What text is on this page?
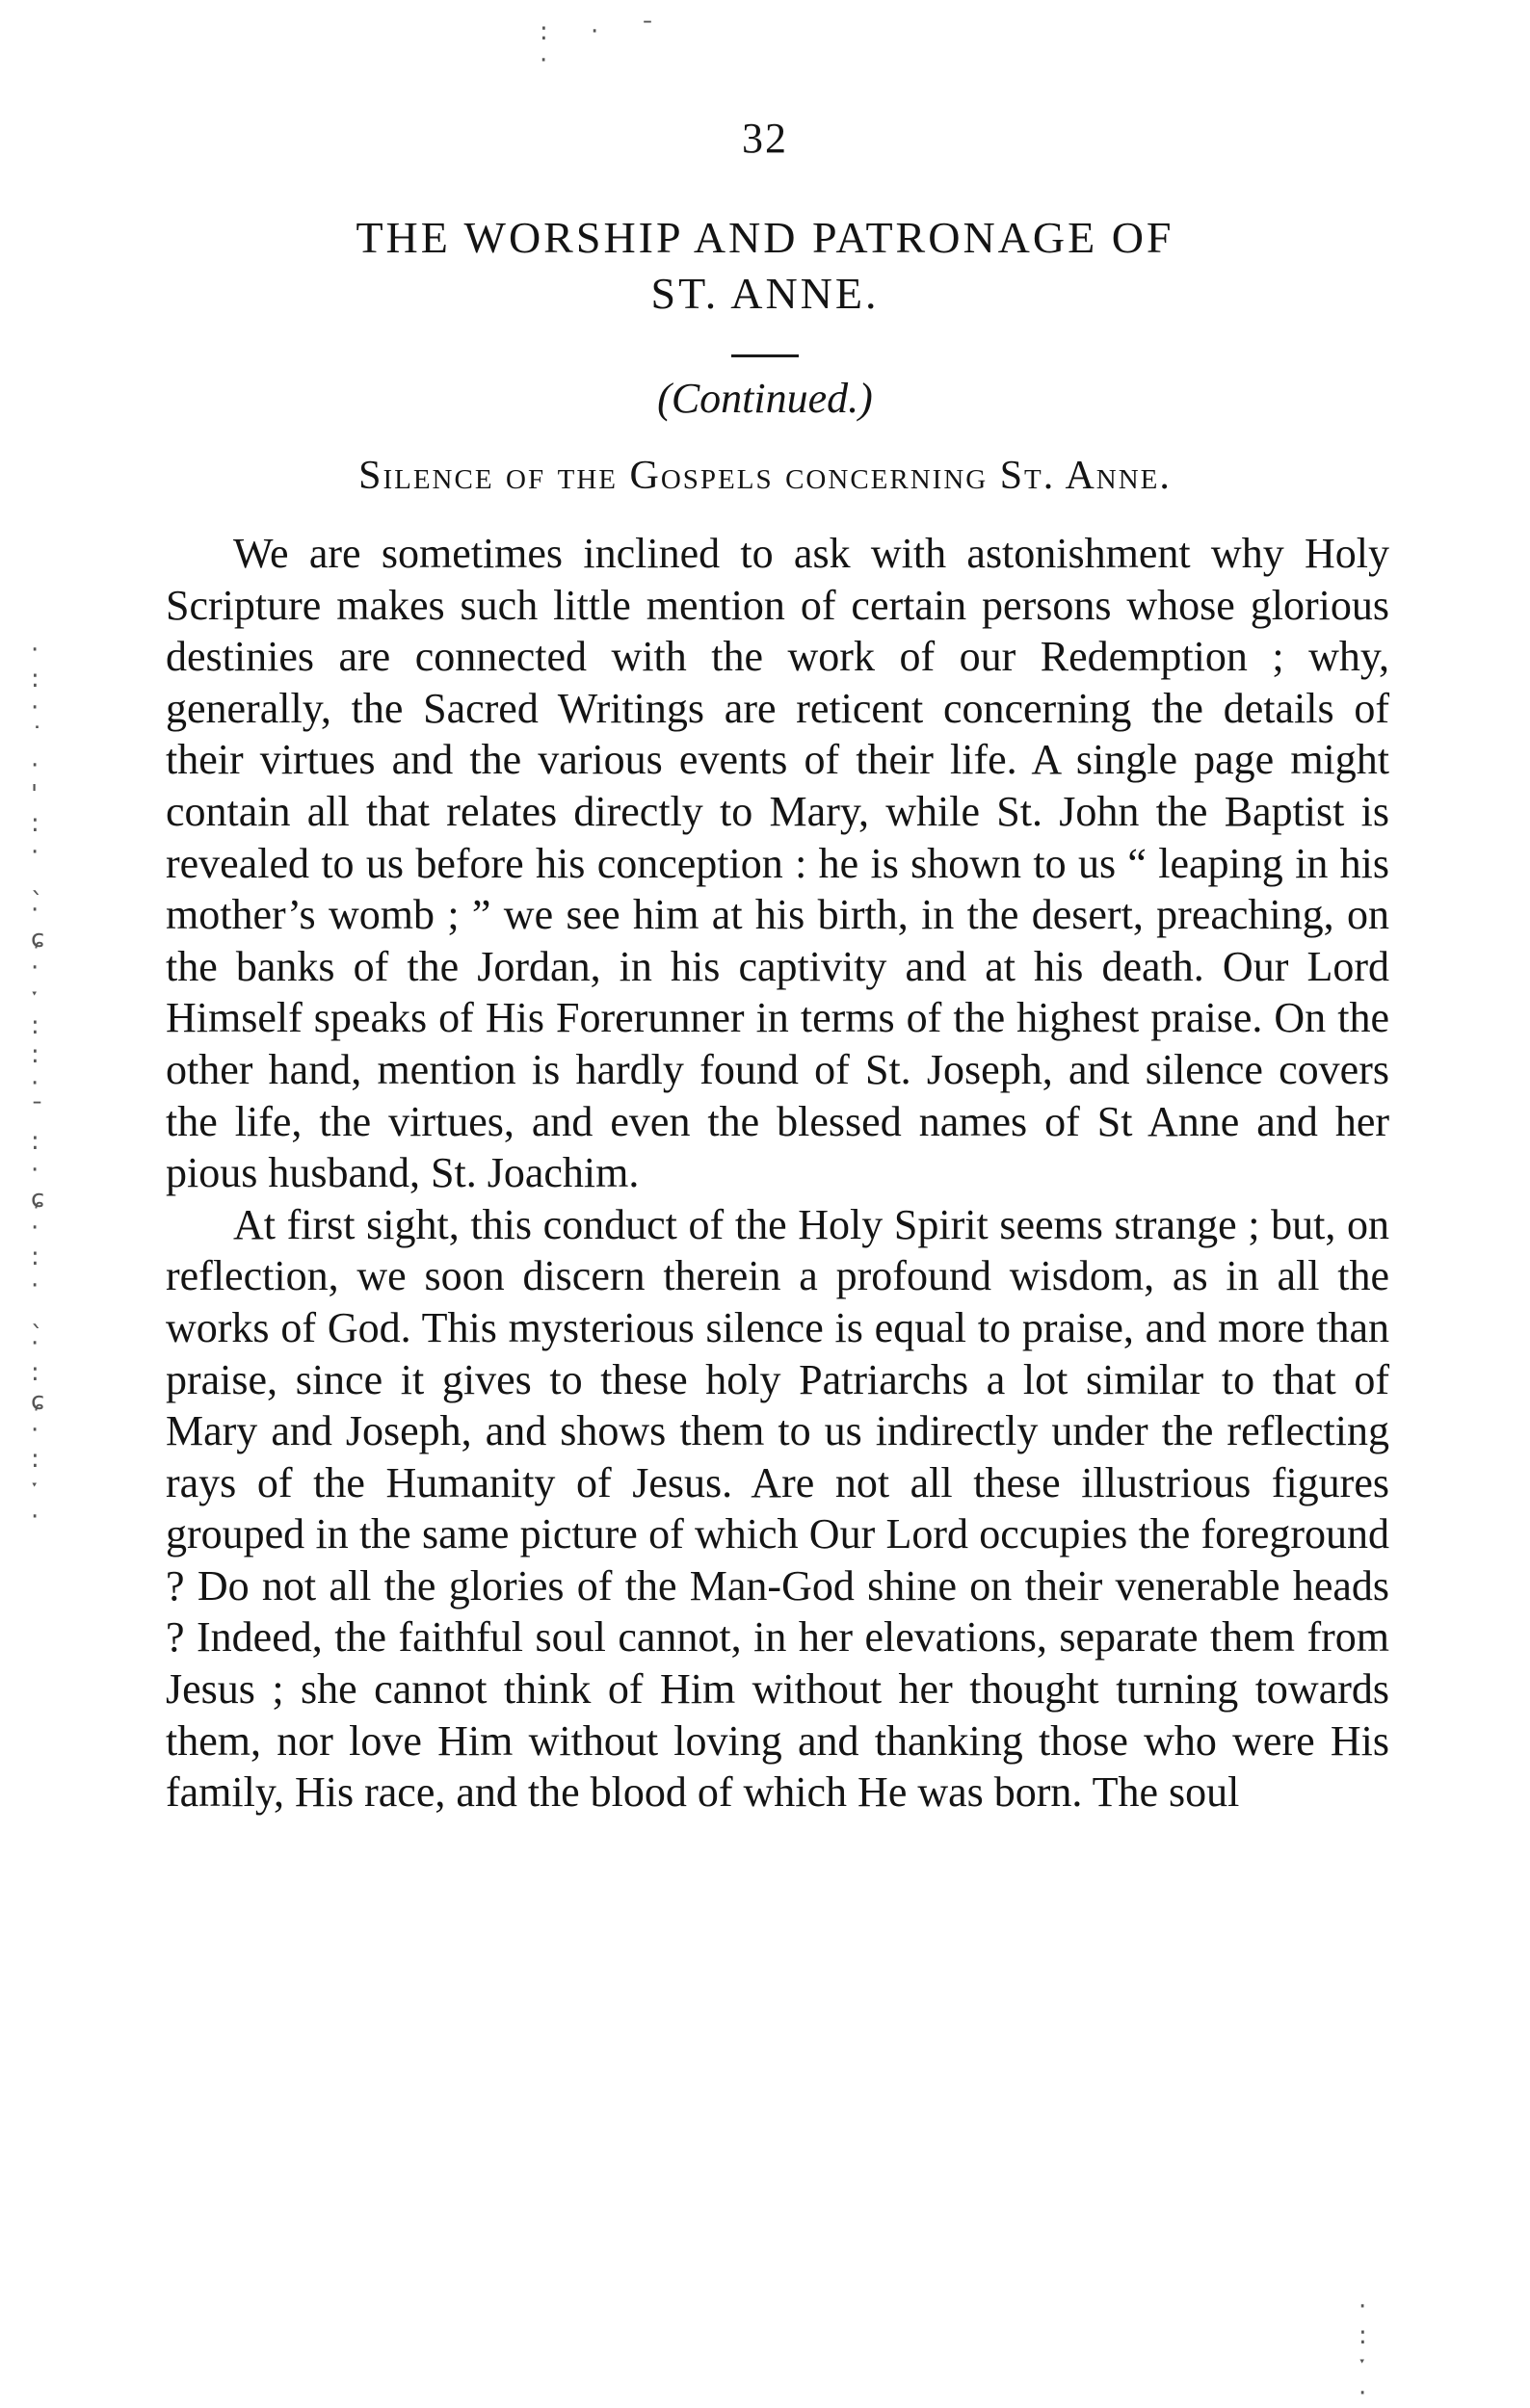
: · ˉ ·
·
:
·
˙
·
'
:
·
ˎ
·
ɕ
·
ˑ
:
:
·
ˉ
:
·
ɕ
·
:
·
ˎ
·
:
ɕ
·
:
ˑ
·
·
:
ˑ
·
32
THE WORSHIP AND PATRONAGE OF
ST. ANNE.
(Continued.)
Silence of the Gospels concerning St. Anne.

We are sometimes inclined to ask with astonishment why Holy Scripture makes such little mention of certain persons whose glorious destinies are connected with the work of our Redemption ; why, generally, the Sacred Writings are reticent concerning the details of their virtues and the various events of their life. A single page might contain all that relates directly to Mary, while St. John the Baptist is revealed to us before his conception : he is shown to us “ leaping in his mother’s womb ; ” we see him at his birth, in the desert, preaching, on the banks of the Jordan, in his captivity and at his death. Our Lord Himself speaks of His Forerunner in terms of the highest praise. On the other hand, mention is hardly found of St. Joseph, and silence covers the life, the virtues, and even the blessed names of St Anne and her pious husband, St. Joachim.

At first sight, this conduct of the Holy Spirit seems strange ; but, on reflection, we soon discern therein a profound wisdom, as in all the works of God. This mysterious silence is equal to praise, and more than praise, since it gives to these holy Patriarchs a lot similar to that of Mary and Joseph, and shows them to us indirectly under the reflecting rays of the Humanity of Jesus. Are not all these illustrious figures grouped in the same picture of which Our Lord occupies the foreground ? Do not all the glories of the Man-God shine on their venerable heads ? Indeed, the faithful soul cannot, in her elevations, separate them from Jesus ; she cannot think of Him without her thought turning towards them, nor love Him without loving and thanking those who were His family, His race, and the blood of which He was born. The soul
